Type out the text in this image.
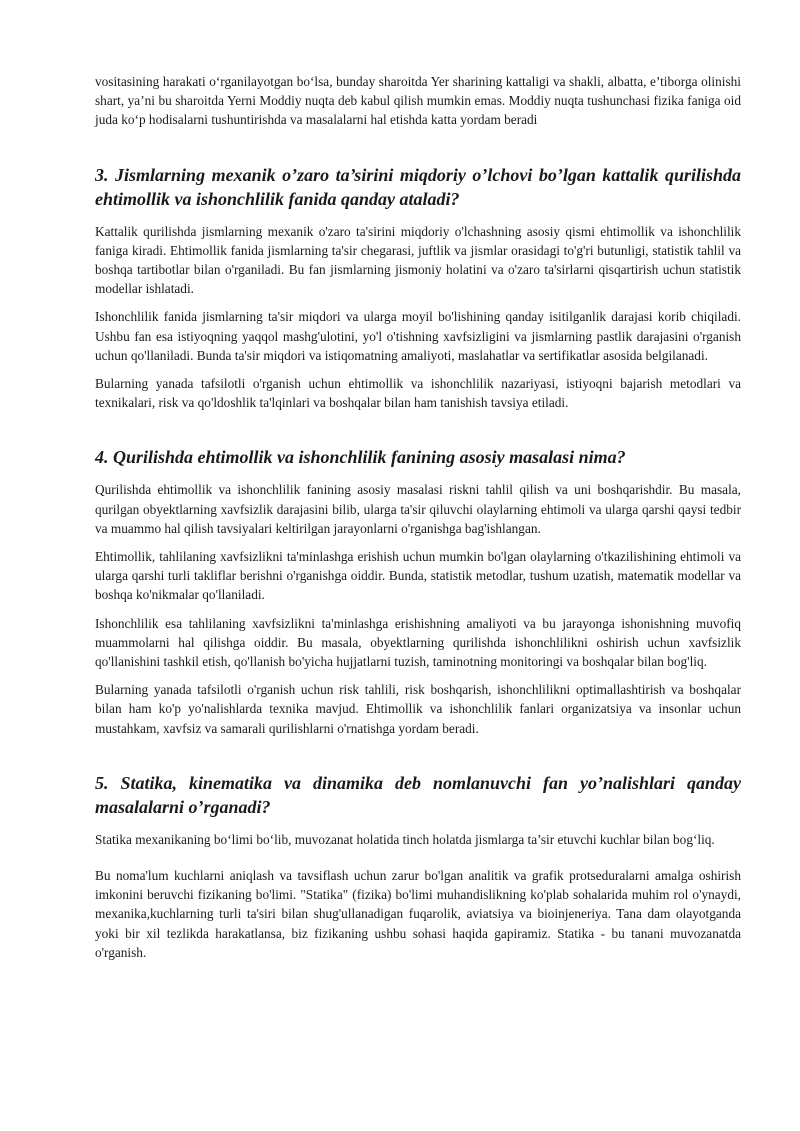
vositasining harakati o‘rganilayotgan bo‘lsa, bunday sharoitda Yer sharining kattaligi va shakli, albatta, e’tiborga olinishi shart, ya’ni bu sharoitda Yerni Moddiy nuqta deb kabul qilish mumkin emas. Moddiy nuqta tushunchasi fizika faniga oid juda ko‘p hodisalarni tushuntirishda va masalalarni hal etishda katta yordam beradi

3. Jismlarning mexanik o’zaro ta’sirini miqdoriy o’lchovi bo’lgan kattalik qurilishda ehtimollik va ishonchlilik fanida qanday ataladi?

Kattalik qurilishda jismlarning mexanik o'zaro ta'sirini miqdoriy o'lchashning asosiy qismi ehtimollik va ishonchlilik faniga kiradi. Ehtimollik fanida jismlarning ta'sir chegarasi, juftlik va jismlar orasidagi to'g'ri butunligi, statistik tahlil va boshqa tartibotlar bilan o'rganiladi. Bu fan jismlarning jismoniy holatini va o'zaro ta'sirlarni qisqartirish uchun statistik modellar ishlatadi.

Ishonchlilik fanida jismlarning ta'sir miqdori va ularga moyil bo'lishining qanday isitilganlik darajasi korib chiqiladi. Ushbu fan esa istiyoqning yaqqol mashg'ulotini, yo'l o'tishning xavfsizligini va jismlarning pastlik darajasini o'rganish uchun qo'llaniladi. Bunda ta'sir miqdori va istiqomatning amaliyoti, maslahatlar va sertifikatlar asosida belgilanadi.

Bularning yanada tafsilotli o'rganish uchun ehtimollik va ishonchlilik nazariyasi, istiyoqni bajarish metodlari va texnikalari, risk va qo'ldoshlik ta'lqinlari va boshqalar bilan ham tanishish tavsiya etiladi.

4. Qurilishda ehtimollik va ishonchlilik fanining asosiy masalasi nima?

Qurilishda ehtimollik va ishonchlilik fanining asosiy masalasi riskni tahlil qilish va uni boshqarishdir. Bu masala, qurilgan obyektlarning xavfsizlik darajasini bilib, ularga ta'sir qiluvchi olaylarning ehtimoli va ularga qarshi qaysi tedbir va muammo hal qilish tavsiyalari keltirilgan jarayonlarni o'rganishga bag'ishlangan.

Ehtimollik, tahlilaning xavfsizlikni ta'minlashga erishish uchun mumkin bo'lgan olaylarning o'tkazilishining ehtimoli va ularga qarshi turli takliflar berishni o'rganishga oiddir. Bunda, statistik metodlar, tushum uzatish, matematik modellar va boshqa ko'nikmalar qo'llaniladi.

Ishonchlilik esa tahlilaning xavfsizlikni ta'minlashga erishishning amaliyoti va bu jarayonga ishonishning muvofiq muammolarni hal qilishga oiddir. Bu masala, obyektlarning qurilishda ishonchlilikni oshirish uchun xavfsizlik qo'llanishini tashkil etish, qo'llanish bo'yicha hujjatlarni tuzish, taminotning monitoringi va boshqalar bilan bog'liq.

Bularning yanada tafsilotli o'rganish uchun risk tahlili, risk boshqarish, ishonchlilikni optimallashtirish va boshqalar bilan ham ko'p yo'nalishlarda texnika mavjud. Ehtimollik va ishonchlilik fanlari organizatsiya va insonlar uchun mustahkam, xavfsiz va samarali qurilishlarni o'rnatishga yordam beradi.

5. Statika, kinematika va dinamika deb nomlanuvchi fan yo’nalishlari qanday masalalarni o’rganadi?

Statika mexanikaning bo‘limi bo‘lib, muvozanat holatida tinch holatda jismlarga ta’sir etuvchi kuchlar bilan bog‘liq.

Bu noma'lum kuchlarni aniqlash va tavsiflash uchun zarur bo'lgan analitik va grafik protseduralarni amalga oshirish imkonini beruvchi fizikaning bo'limi. "Statika" (fizika) bo'limi muhandislikning ko'plab sohalarida muhim rol o'ynaydi, mexanika,kuchlarning turli ta'siri bilan shug'ullanadigan fuqarolik, aviatsiya va bioinjeneriya. Tana dam olayotganda yoki bir xil tezlikda harakatlansa, biz fizikaning ushbu sohasi haqida gapiramiz. Statika - bu tanani muvozanatda o'rganish.
